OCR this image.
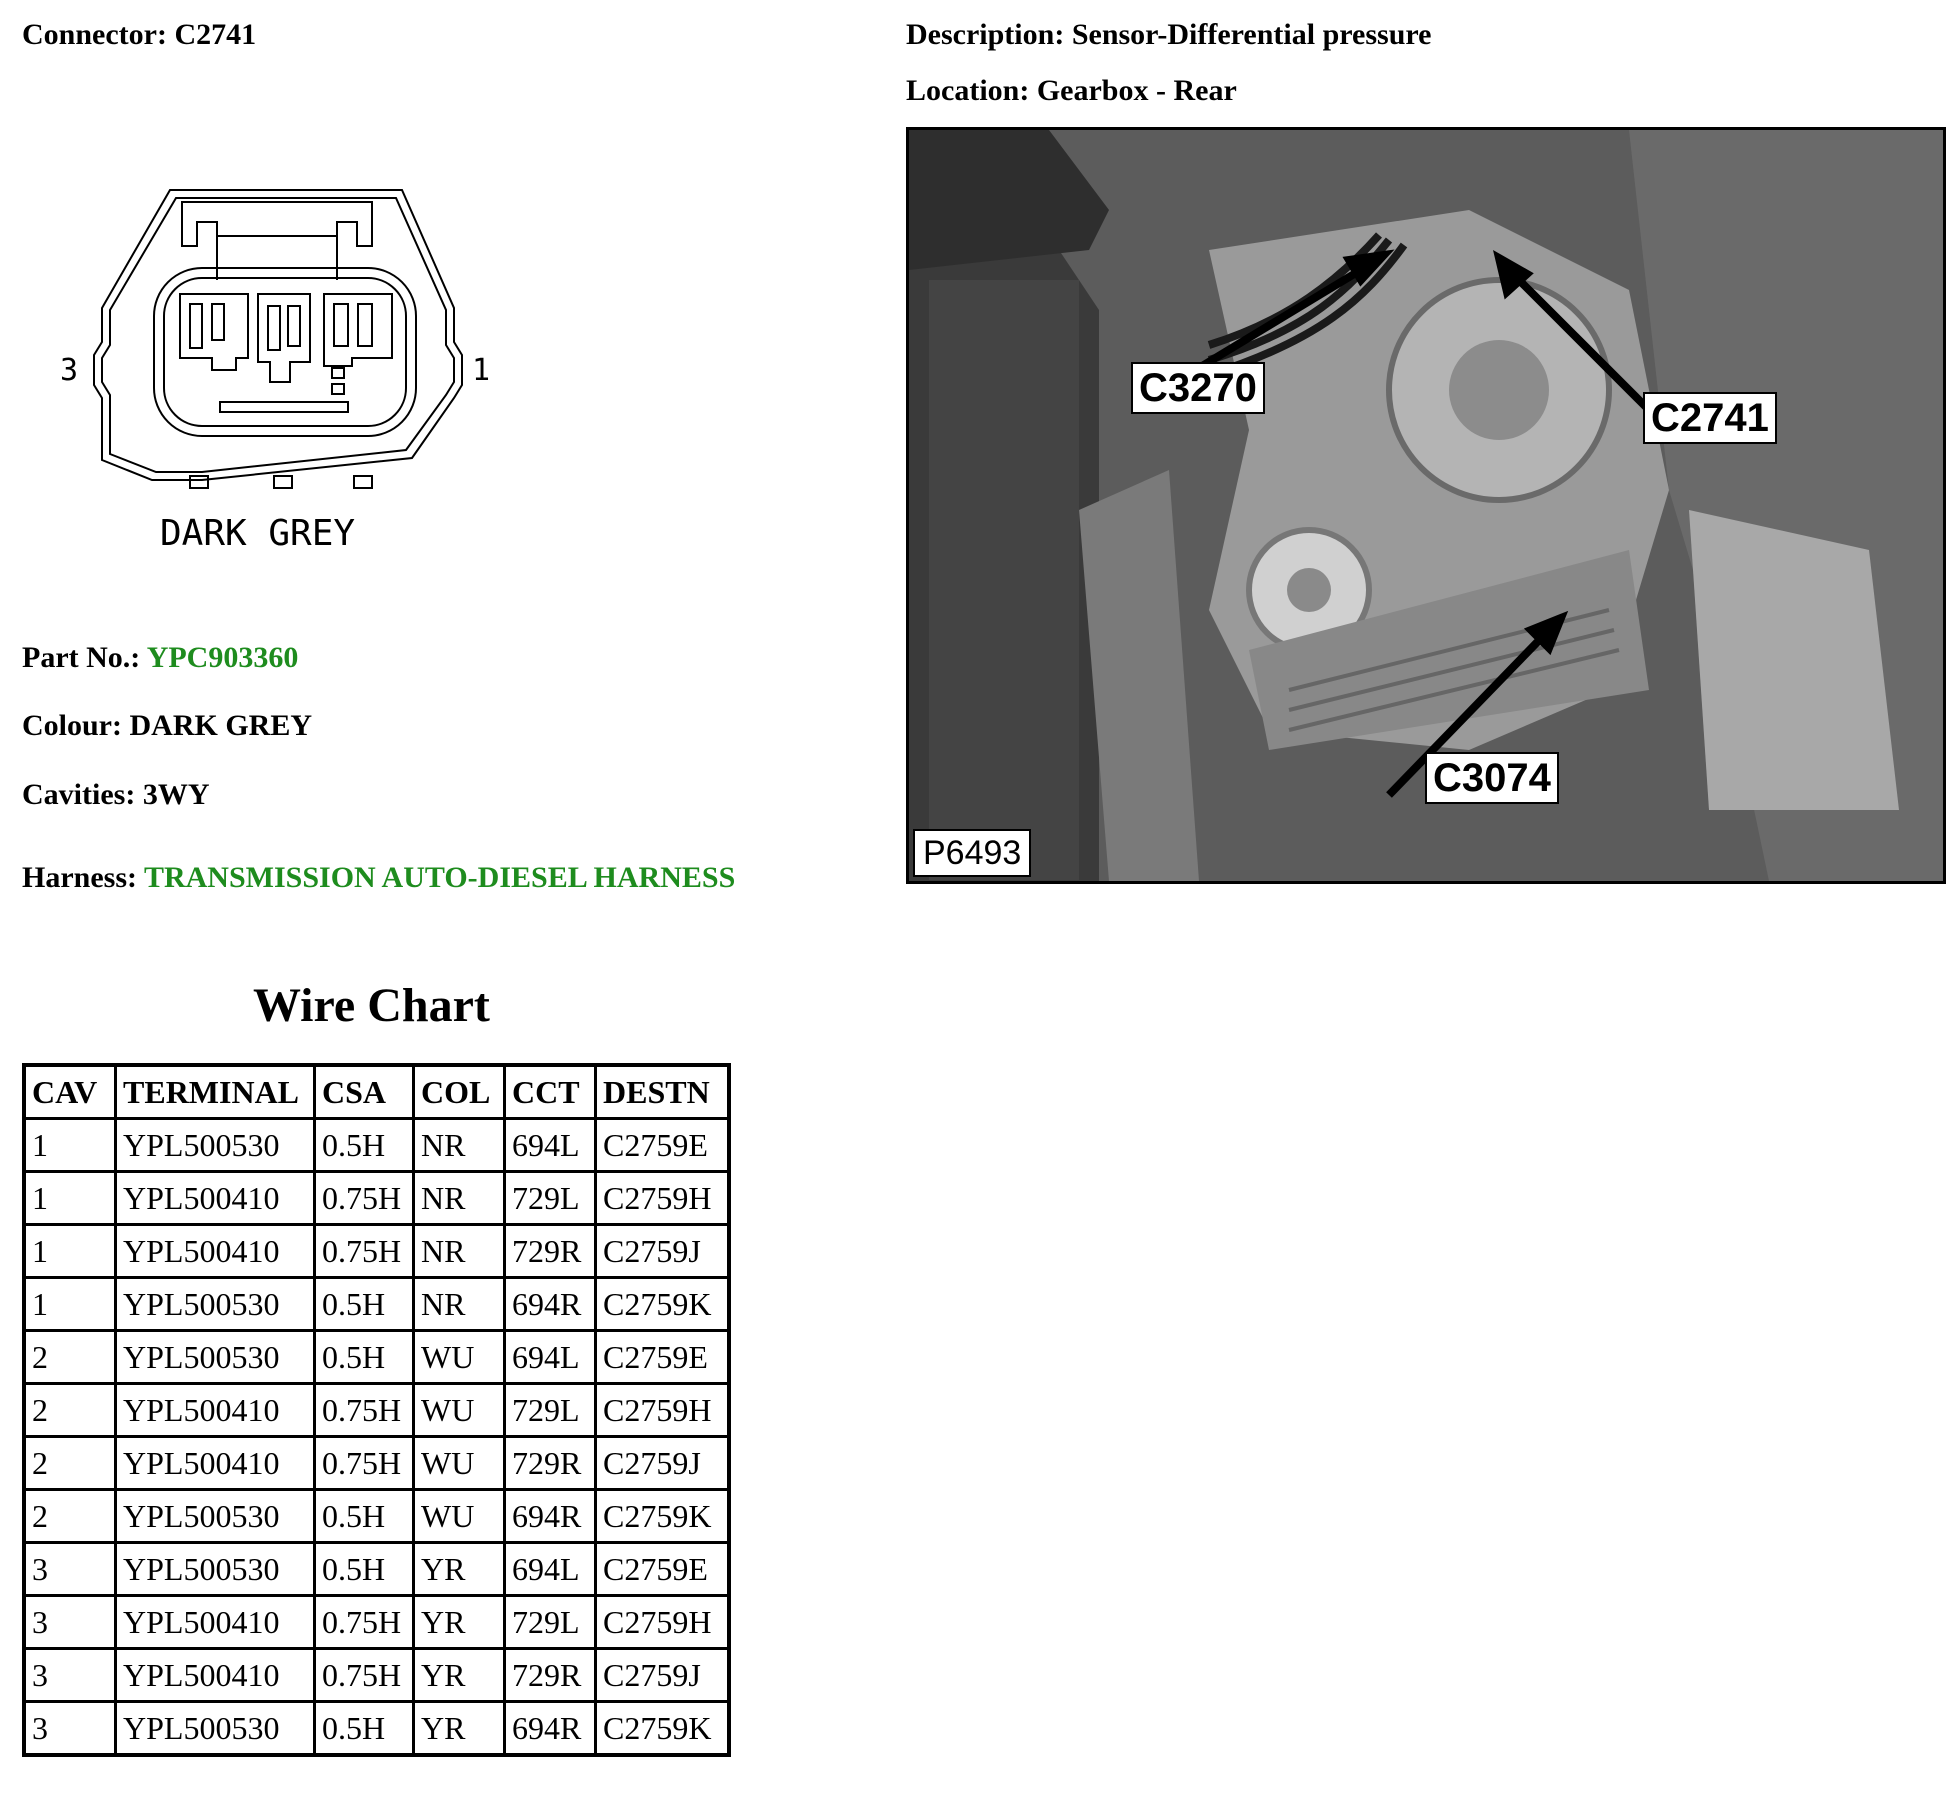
Connector: C2741	Description: Sensor-Differential pressure
Location: Gearbox - Rear
3	1
DARK GREY
C3270
C2741
C3074
P6493
Part No.: YPC903360
Colour: DARK GREY
Cavities: 3WY
Harness: TRANSMISSION AUTO-DIESEL HARNESS
Wire Chart
CAV	TERMINAL	CSA	COL	CCT	DESTN
1	YPL500530	0.5H	NR	694L	C2759E
1	YPL500410	0.75H	NR	729L	C2759H
1	YPL500410	0.75H	NR	729R	C2759J
1	YPL500530	0.5H	NR	694R	C2759K
2	YPL500530	0.5H	WU	694L	C2759E
2	YPL500410	0.75H	WU	729L	C2759H
2	YPL500410	0.75H	WU	729R	C2759J
2	YPL500530	0.5H	WU	694R	C2759K
3	YPL500530	0.5H	YR	694L	C2759E
3	YPL500410	0.75H	YR	729L	C2759H
3	YPL500410	0.75H	YR	729R	C2759J
3	YPL500530	0.5H	YR	694R	C2759K
